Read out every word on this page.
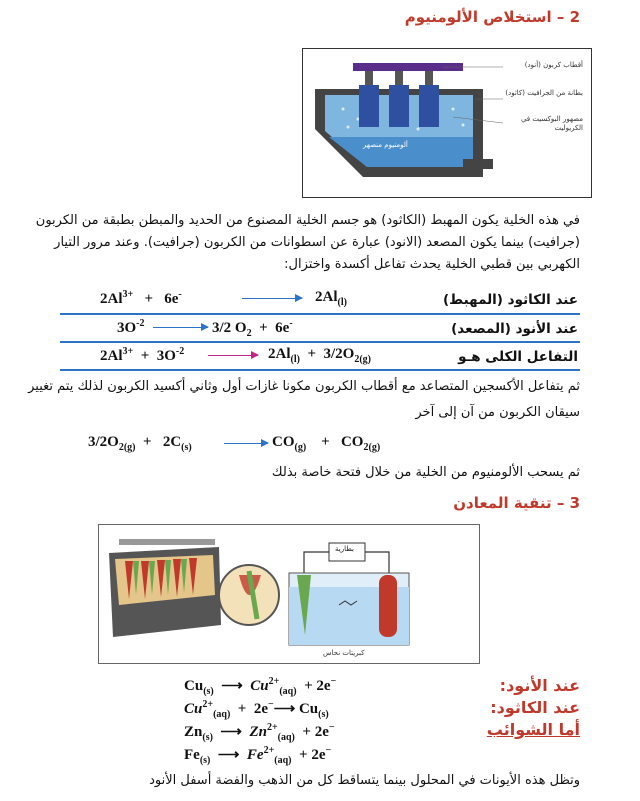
2 – استخلاص الألومنيوم
أقطاب كربون (أنود)
بطانة من الجرافيت (كاثود)
مصهور البوكسيت في الكريوليت
ألومنيوم منصهر
في هذه الخلية يكون المهبط (الكاثود) هو جسم الخلية المصنوع من الحديد والمبطن بطبقة من الكربون
(جرافيت) بينما يكون المصعد (الانود) عبارة عن اسطوانات من الكربون (جرافيت). وعند مرور التيار
الكهربي بين قطبي الخلية يحدث تفاعل أكسدة واختزال:
عند الكاثود (المهبط)
$2Al^{3+} + 6e^-$	→ $2Al_{(l)}$
عند الأنود (المصعد)
$3O^{-2} \to 3/2$ $O_2 + 6e^-$
التفاعل الكلى هـو
$2Al^{3+} + 3O^{-2} \to 2Al_{(l)} + 3/2O_{2(g)}$
ثم يتفاعل الأكسجين المتصاعد مع أقطاب الكربون مكونا غازات أول وثاني أكسيد الكربون لذلك يتم تغيير
سيقان الكربون من آن إلى آخر
$3/2O_{2(g)} + 2C_{(s)} \to CO_{(g)}$    +   $CO_{2(g)}$
ثم يسحب الألومنيوم من الخلية من خلال فتحة خاصة بذلك
3 – تنقية المعادن
بطارية
كبريتات نحاس
عند الأنود:
عند الكاثود:
أما الشوائب
$Cu_{(s)}$  ⟶  $Cu^{2+}_{(aq)} + 2e^-$
$Cu^{2+}_{(aq)}$  +  2e−⟶ $Cu_{(s)}$
$Zn_{(s)}$  ⟶  $Zn^{2+}_{(aq)} + 2e^-$
$Fe_{(s)}$  ⟶  $Fe^{2+}_{(aq)} + 2e^-$
وتظل هذه الأيونات في المحلول بينما يتساقط كل من الذهب والفضة أسفل الأنود
